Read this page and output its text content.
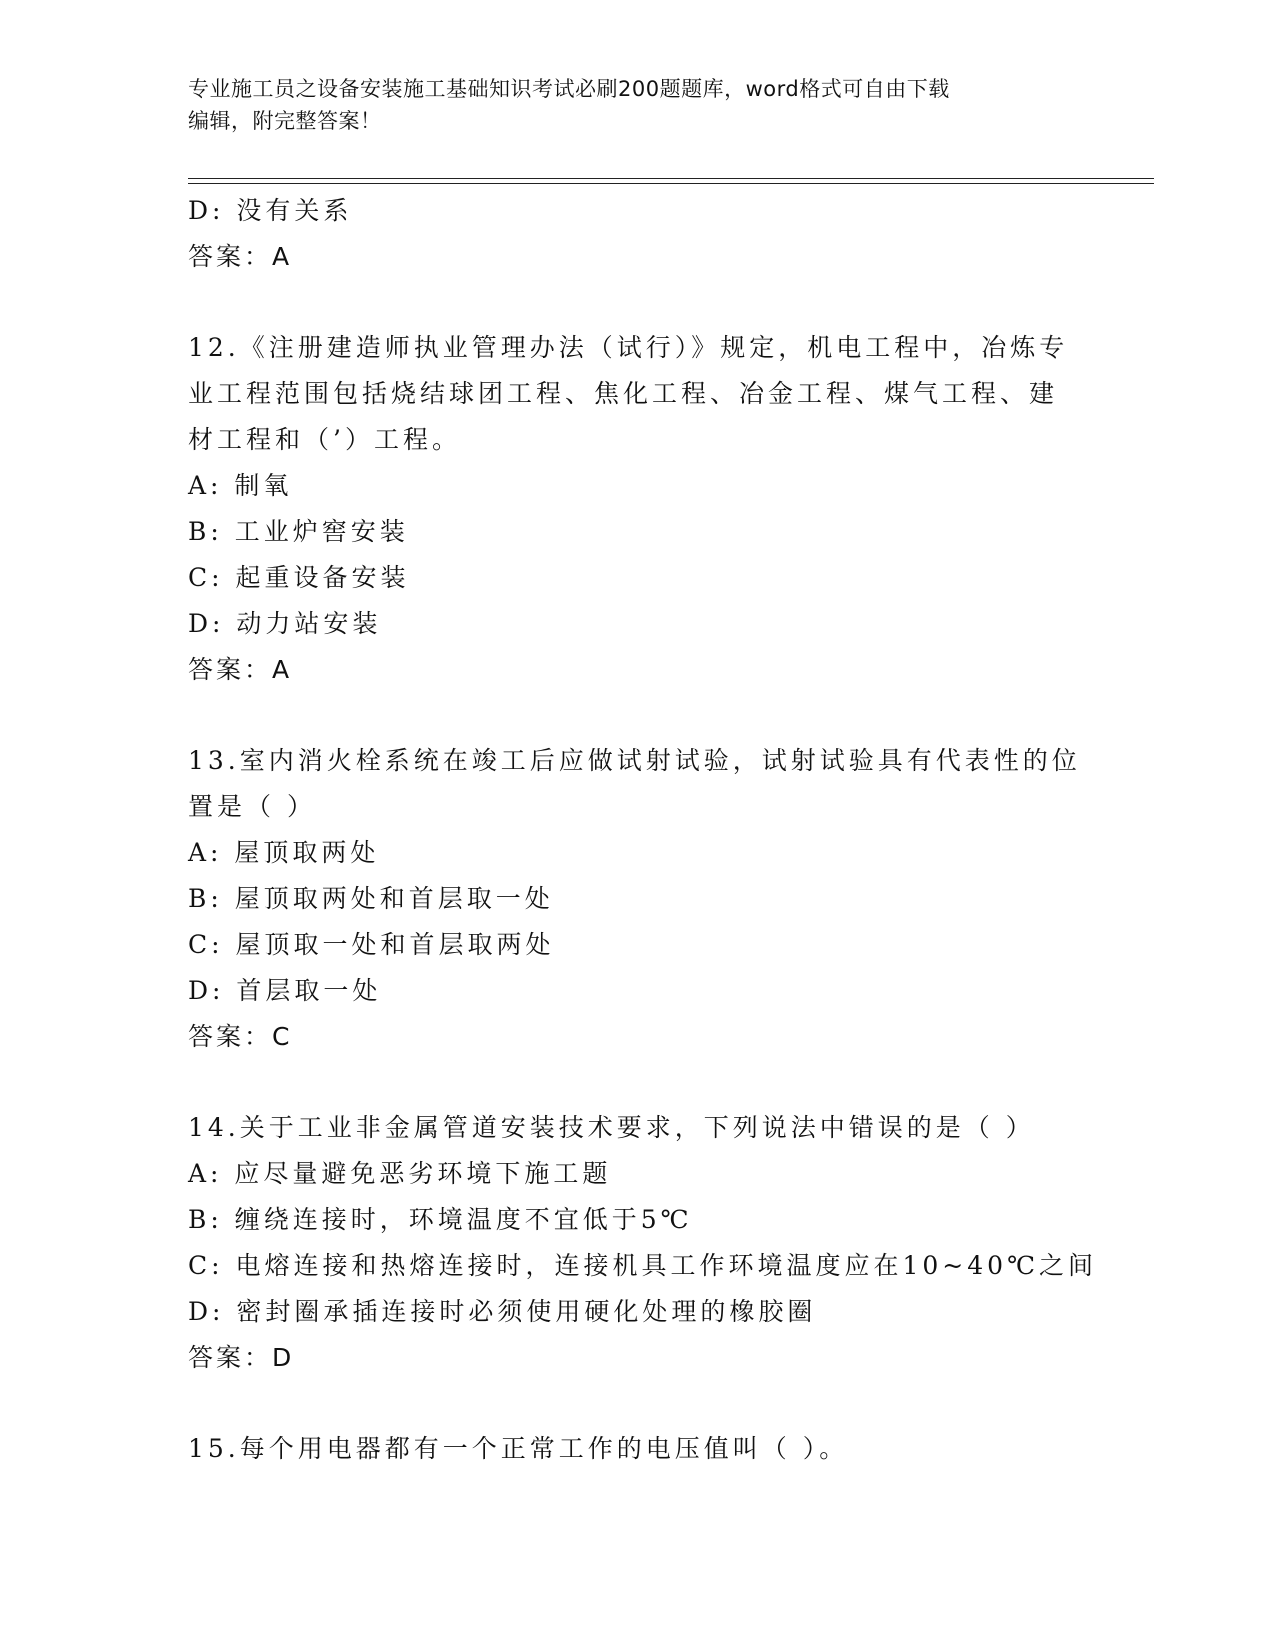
专业施工员之设备安装施工基础知识考试必刷200题题库，word格式可自由下载
编辑，附完整答案！
D: 没有关系
答案：A
12.《注册建造师执业管理办法（试行）》规定，机电工程中，冶炼专
业工程范围包括烧结球团工程、焦化工程、冶金工程、煤气工程、建
材工程和（’）工程。
A: 制氧
B: 工业炉窖安装
C: 起重设备安装
D: 动力站安装
答案：A
13.室内消火栓系统在竣工后应做试射试验，试射试验具有代表性的位
置是（ ）
A: 屋顶取两处
B: 屋顶取两处和首层取一处
C: 屋顶取一处和首层取两处
D: 首层取一处
答案：C
14.关于工业非金属管道安装技术要求，下列说法中错误的是（ ）
A: 应尽量避免恶劣环境下施工题
B: 缠绕连接时，环境温度不宜低于5℃
C: 电熔连接和热熔连接时，连接机具工作环境温度应在10~40℃之间
D: 密封圈承插连接时必须使用硬化处理的橡胶圈
答案：D
15.每个用电器都有一个正常工作的电压值叫（ ）。
